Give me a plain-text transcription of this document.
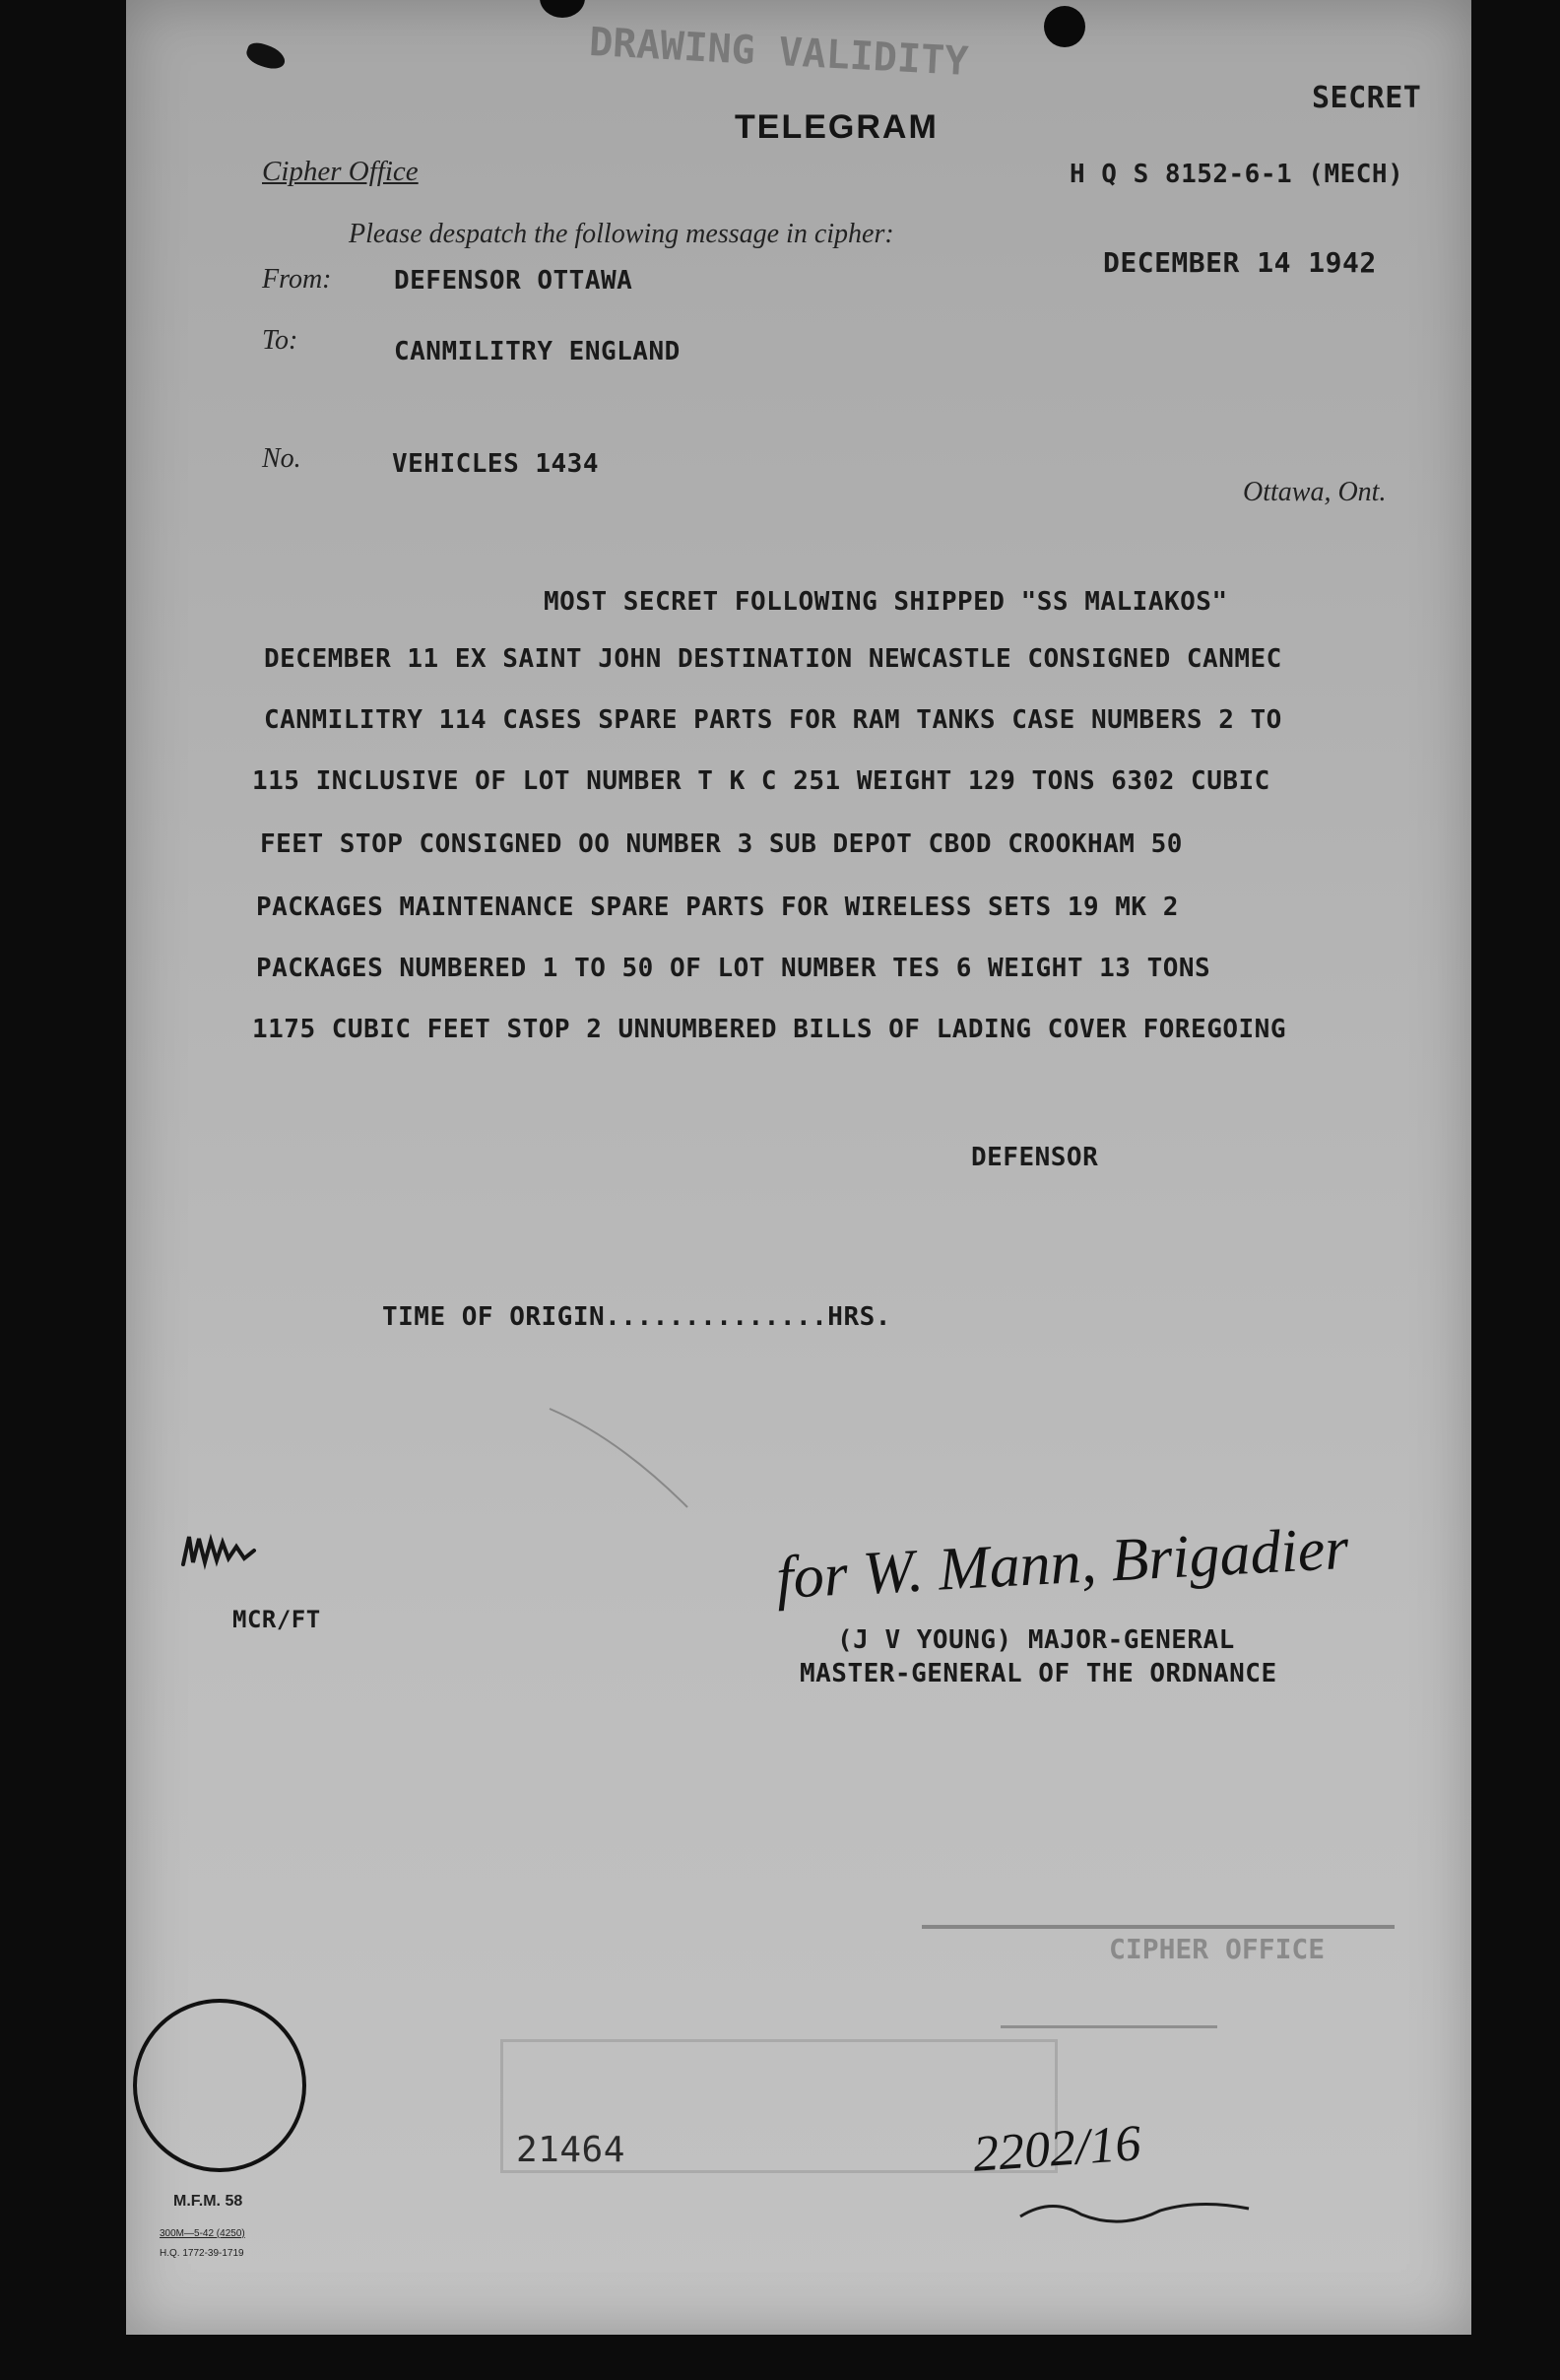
DRAWING VALIDITY
SECRET
TELEGRAM
Cipher Office	H Q S 8152-6-1 (MECH)
Please despatch the following message in cipher:
DECEMBER 14 1942
From: DEFENSOR OTTAWA
To:	CANMILITRY ENGLAND
No.	VEHICLES 1434
Ottawa, Ont.
MOST SECRET FOLLOWING SHIPPED "SS MALIAKOS"
DECEMBER 11 EX SAINT JOHN DESTINATION NEWCASTLE CONSIGNED CANMEC
CANMILITRY 114 CASES SPARE PARTS FOR RAM TANKS CASE NUMBERS 2 TO
115 INCLUSIVE OF LOT NUMBER T K C 251 WEIGHT 129 TONS 6302 CUBIC
FEET STOP CONSIGNED OO NUMBER 3 SUB DEPOT CBOD CROOKHAM 50
PACKAGES MAINTENANCE SPARE PARTS FOR WIRELESS SETS 19 MK 2
PACKAGES NUMBERED 1 TO 50 OF LOT NUMBER TES 6 WEIGHT 13 TONS
1175 CUBIC FEET STOP 2 UNNUMBERED BILLS OF LADING COVER FOREGOING
DEFENSOR
TIME OF ORIGIN..............HRS.
MCR/FT
for W. Mann, Brigadier
(J V YOUNG) MAJOR-GENERAL
MASTER-GENERAL OF THE ORDNANCE
CIPHER OFFICE
21464	2202/16
M.F.M. 58
300M—5-42 (4250)
H.Q. 1772-39-1719
